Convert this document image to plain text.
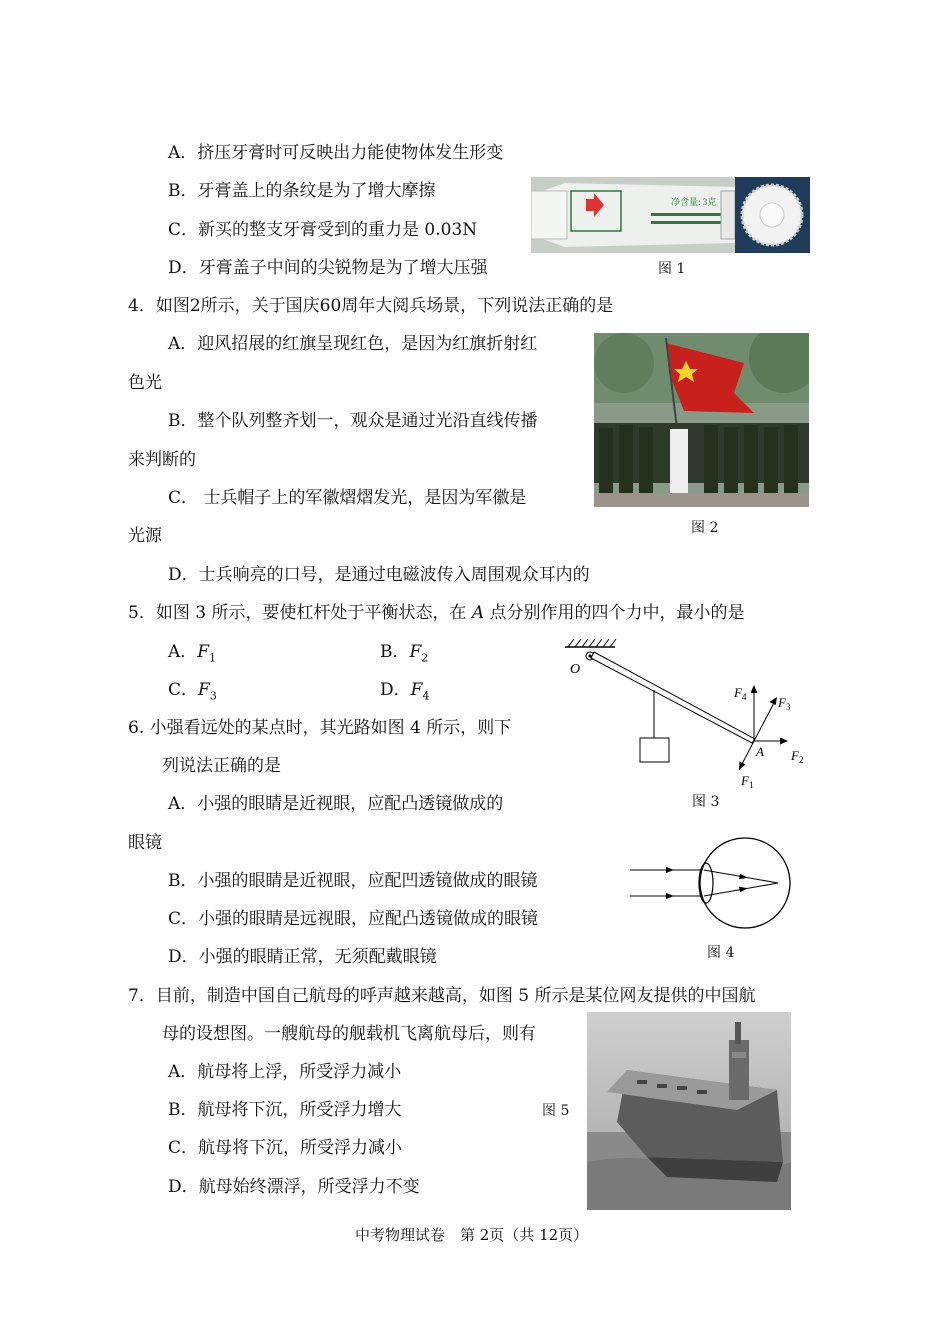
A．挤压牙膏时可反映出力能使物体发生形变
B．牙膏盖上的条纹是为了增大摩擦
C．新买的整支牙膏受到的重力是 0.03N
D．牙膏盖子中间的尖锐物是为了增大压强
净含量: 3克
图 1
4．如图2所示，关于国庆60周年大阅兵场景，下列说法正确的是
A．迎风招展的红旗呈现红色，是因为红旗折射红
色光
B．整个队列整齐划一，观众是通过光沿直线传播
来判断的
C． 士兵帽子上的军徽熠熠发光，是因为军徽是
光源
D．士兵响亮的口号，是通过电磁波传入周围观众耳内的
图 2
5．如图 3 所示，要使杠杆处于平衡状态，在 A 点分别作用的四个力中，最小的是
A．$F_1$	B．$F_2$
C．$F_3$	D．$F_4$
O
A
$F_4$ $F_3$
$F_2$
$F_1$
图 3
6. 小强看远处的某点时，其光路如图 4 所示，则下
列说法正确的是
A．小强的眼睛是近视眼，应配凸透镜做成的
眼镜
B．小强的眼睛是近视眼，应配凹透镜做成的眼镜
C．小强的眼睛是远视眼，应配凸透镜做成的眼镜
D．小强的眼睛正常，无须配戴眼镜	图 4
7．目前，制造中国自己航母的呼声越来越高，如图 5 所示是某位网友提供的中国航
母的设想图。一艘航母的舰载机飞离航母后，则有
A．航母将上浮，所受浮力减小
B．航母将下沉，所受浮力增大
C．航母将下沉，所受浮力减小
D．航母始终漂浮，所受浮力不变
图 5
中考物理试卷　第 2页（共 12页）
